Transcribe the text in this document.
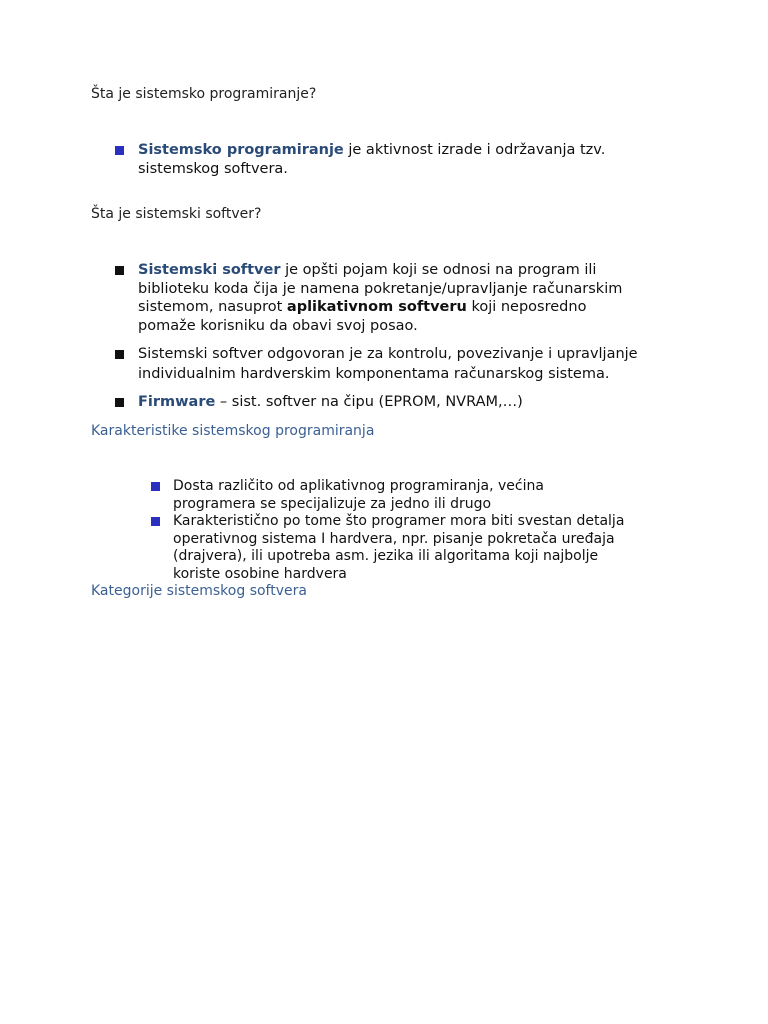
Šta je sistemsko programiranje?
Sistemsko programiranje je aktivnost izrade i održavanja tzv.
sistemskog softvera.
Šta je sistemski softver?
Sistemski softver je opšti pojam koji se odnosi na program ili
biblioteku koda čija je namena pokretanje/upravljanje računarskim
sistemom, nasuprot aplikativnom softveru koji neposredno
pomaže korisniku da obavi svoj posao.
Sistemski softver odgovoran je za kontrolu, povezivanje i upravljanje
individualnim hardverskim komponentama računarskog sistema.
Firmware – sist. softver na čipu (EPROM, NVRAM,…)
Karakteristike sistemskog programiranja
Dosta različito od aplikativnog programiranja, većina
programera se specijalizuje za jedno ili drugo
Karakteristično po tome što programer mora biti svestan detalja
operativnog sistema I hardvera, npr. pisanje pokretača uređaja
(drajvera), ili upotreba asm. jezika ili algoritama koji najbolje
koriste osobine hardvera
Kategorije sistemskog softvera
